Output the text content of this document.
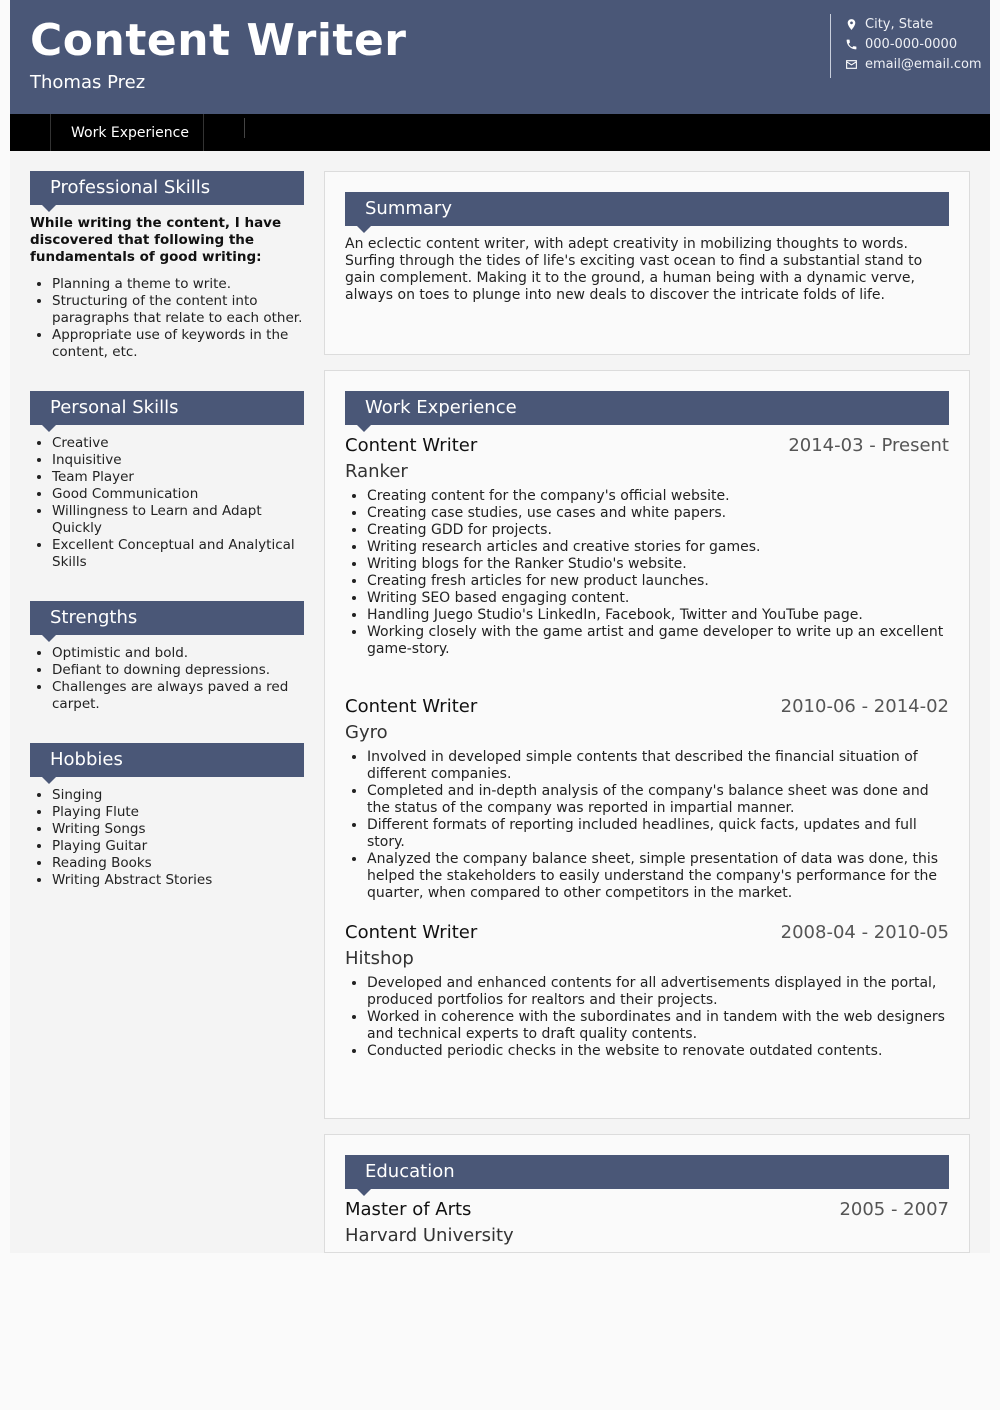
Content Writer
Thomas Prez
City, State
000-000-0000
email@email.com
Work Experience
Professional Skills
While writing the content, I have discovered that following the fundamentals of good writing:
• Planning a theme to write.
• Structuring of the content into paragraphs that relate to each other.
• Appropriate use of keywords in the content, etc.
Personal Skills
• Creative
• Inquisitive
• Team Player
• Good Communication
• Willingness to Learn and Adapt Quickly
• Excellent Conceptual and Analytical Skills
Strengths
• Optimistic and bold.
• Defiant to downing depressions.
• Challenges are always paved a red carpet.
Hobbies
• Singing
• Playing Flute
• Writing Songs
• Playing Guitar
• Reading Books
• Writing Abstract Stories
Summary
An eclectic content writer, with adept creativity in mobilizing thoughts to words. Surfing through the tides of life's exciting vast ocean to find a substantial stand to gain complement. Making it to the ground, a human being with a dynamic verve, always on toes to plunge into new deals to discover the intricate folds of life.
Work Experience
Content Writer	2014-03 - Present
Ranker
• Creating content for the company's official website.
• Creating case studies, use cases and white papers.
• Creating GDD for projects.
• Writing research articles and creative stories for games.
• Writing blogs for the Ranker Studio's website.
• Creating fresh articles for new product launches.
• Writing SEO based engaging content.
• Handling Juego Studio's LinkedIn, Facebook, Twitter and YouTube page.
• Working closely with the game artist and game developer to write up an excellent game-story.
Content Writer	2010-06 - 2014-02
Gyro
• Involved in developed simple contents that described the financial situation of different companies.
• Completed and in-depth analysis of the company's balance sheet was done and the status of the company was reported in impartial manner.
• Different formats of reporting included headlines, quick facts, updates and full story.
• Analyzed the company balance sheet, simple presentation of data was done, this helped the stakeholders to easily understand the company's performance for the quarter, when compared to other competitors in the market.
Content Writer	2008-04 - 2010-05
Hitshop
• Developed and enhanced contents for all advertisements displayed in the portal, produced portfolios for realtors and their projects.
• Worked in coherence with the subordinates and in tandem with the web designers and technical experts to draft quality contents.
• Conducted periodic checks in the website to renovate outdated contents.
Education
Master of Arts	2005 - 2007
Harvard University
